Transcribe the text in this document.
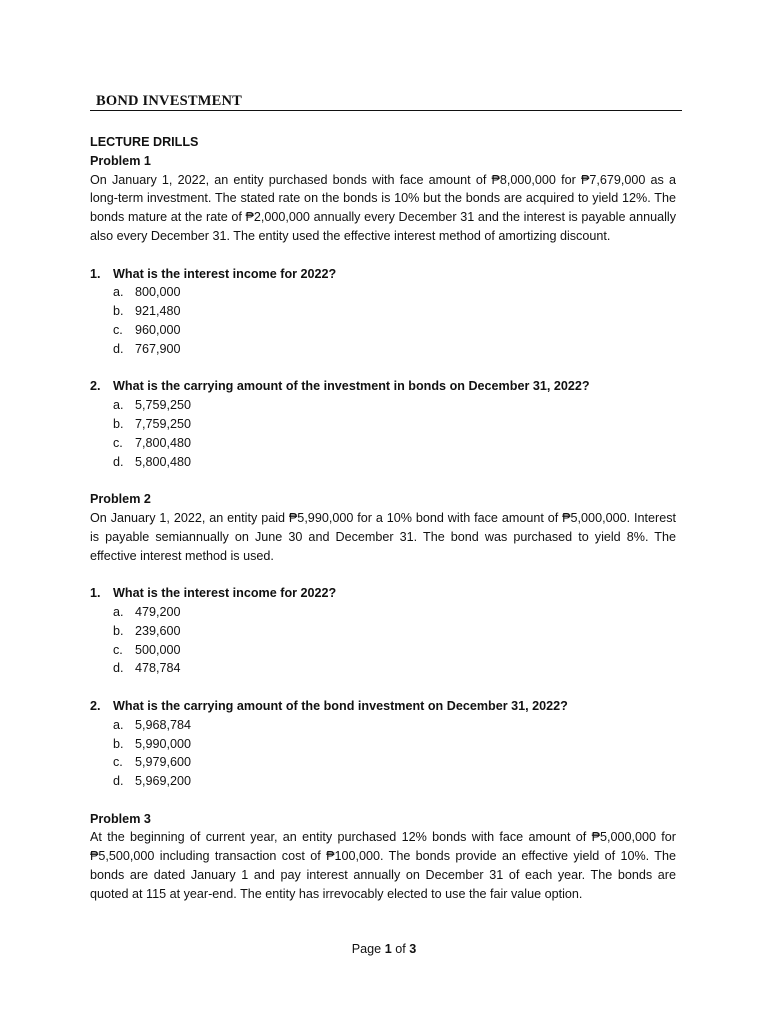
BOND INVESTMENT
LECTURE DRILLS
Problem 1
On January 1, 2022, an entity purchased bonds with face amount of ₱8,000,000 for ₱7,679,000 as a long-term investment. The stated rate on the bonds is 10% but the bonds are acquired to yield 12%. The bonds mature at the rate of ₱2,000,000 annually every December 31 and the interest is payable annually also every December 31. The entity used the effective interest method of amortizing discount.
1. What is the interest income for 2022?
a. 800,000
b. 921,480
c. 960,000
d. 767,900
2. What is the carrying amount of the investment in bonds on December 31, 2022?
a. 5,759,250
b. 7,759,250
c. 7,800,480
d. 5,800,480
Problem 2
On January 1, 2022, an entity paid ₱5,990,000 for a 10% bond with face amount of ₱5,000,000. Interest is payable semiannually on June 30 and December 31. The bond was purchased to yield 8%. The effective interest method is used.
1. What is the interest income for 2022?
a. 479,200
b. 239,600
c. 500,000
d. 478,784
2. What is the carrying amount of the bond investment on December 31, 2022?
a. 5,968,784
b. 5,990,000
c. 5,979,600
d. 5,969,200
Problem 3
At the beginning of current year, an entity purchased 12% bonds with face amount of ₱5,000,000 for ₱5,500,000 including transaction cost of ₱100,000. The bonds provide an effective yield of 10%. The bonds are dated January 1 and pay interest annually on December 31 of each year. The bonds are quoted at 115 at year-end. The entity has irrevocably elected to use the fair value option.
Page 1 of 3
